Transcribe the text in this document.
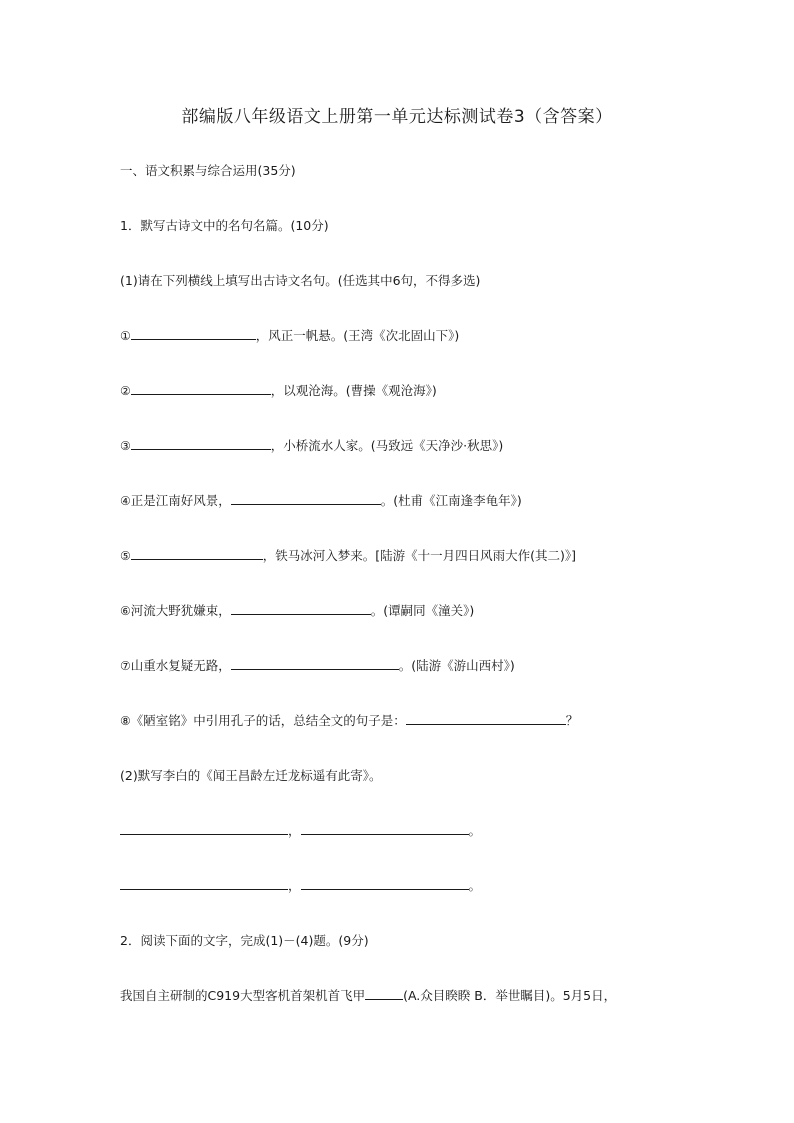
部编版八年级语文上册第一单元达标测试卷3（含答案）
一、语文积累与综合运用(35分)
1．默写古诗文中的名句名篇。(10分)
(1)请在下列横线上填写出古诗文名句。(任选其中6句，不得多选)
①	，风正一帆悬。(王湾《次北固山下》)
②	，以观沧海。(曹操《观沧海》)
③	，小桥流水人家。(马致远《天净沙·秋思》)
④正是江南好风景，	。(杜甫《江南逢李龟年》)
⑤	，铁马冰河入梦来。[陆游《十一月四日风雨大作(其二)》]
⑥河流大野犹嫌束，	。(谭嗣同《潼关》)
⑦山重水复疑无路，	。(陆游《游山西村》)
⑧《陋室铭》中引用孔子的话，总结全文的句子是：	？
(2)默写李白的《闻王昌龄左迁龙标遥有此寄》。
，	。
，	。
2．阅读下面的文字，完成(1)－(4)题。(9分)
我国自主研制的C919大型客机首架机首飞甲	(A.众目睽睽 B．举世瞩目)。5月5日，
